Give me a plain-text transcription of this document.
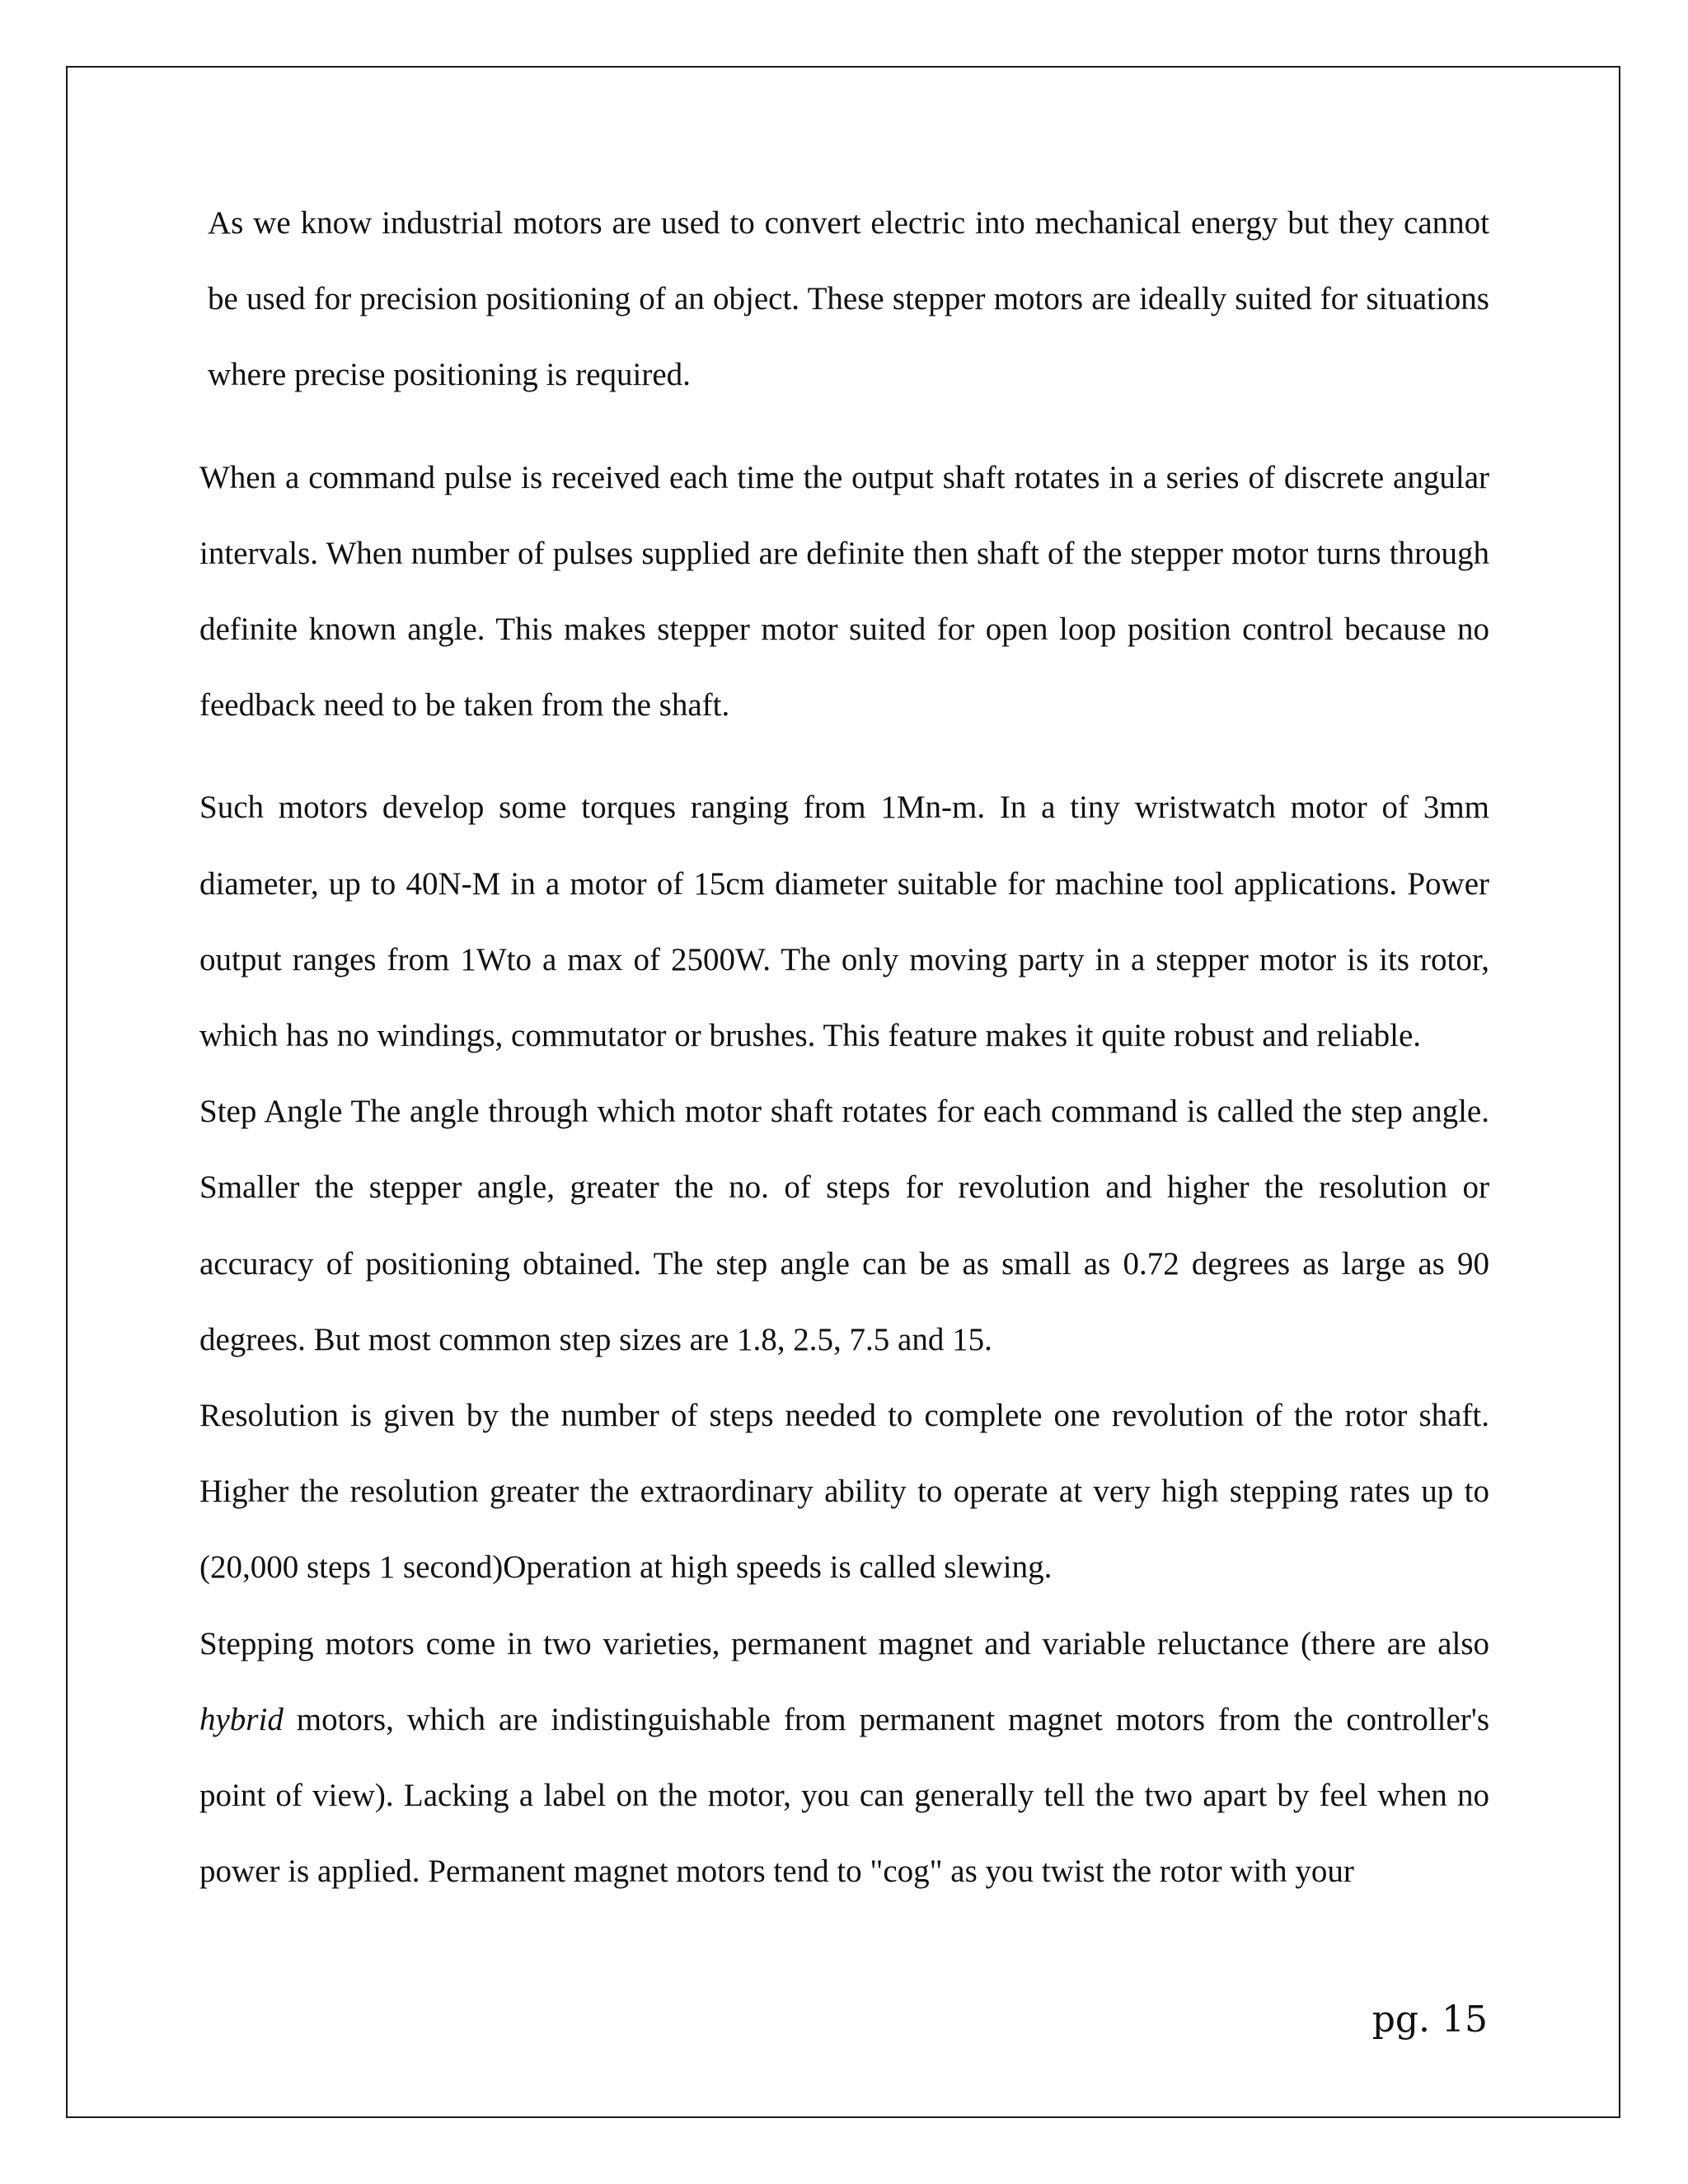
As we know industrial motors are used to convert electric into mechanical energy but they cannot be used for precision positioning of an object. These stepper motors are ideally suited for situations where precise positioning is required.

When a command pulse is received each time the output shaft rotates in a series of discrete angular intervals. When number of pulses supplied are definite then shaft of the stepper motor turns through definite known angle. This makes stepper motor suited for open loop position control because no feedback need to be taken from the shaft.

Such motors develop some torques ranging from 1Mn-m. In a tiny wristwatch motor of 3mm diameter, up to 40N-M in a motor of 15cm diameter suitable for machine tool applications. Power output ranges from 1Wto a max of 2500W. The only moving party in a stepper motor is its rotor, which has no windings, commutator or brushes. This feature makes it quite robust and reliable.

Step Angle The angle through which motor shaft rotates for each command is called the step angle. Smaller the stepper angle, greater the no. of steps for revolution and higher the resolution or accuracy of positioning obtained. The step angle can be as small as 0.72 degrees as large as 90 degrees. But most common step sizes are 1.8, 2.5, 7.5 and 15.

Resolution is given by the number of steps needed to complete one revolution of the rotor shaft. Higher the resolution greater the extraordinary ability to operate at very high stepping rates up to (20,000 steps 1 second)Operation at high speeds is called slewing.

Stepping motors come in two varieties, permanent magnet and variable reluctance (there are also hybrid motors, which are indistinguishable from permanent magnet motors from the controller's point of view). Lacking a label on the motor, you can generally tell the two apart by feel when no power is applied. Permanent magnet motors tend to "cog" as you twist the rotor with your

pg. 15
